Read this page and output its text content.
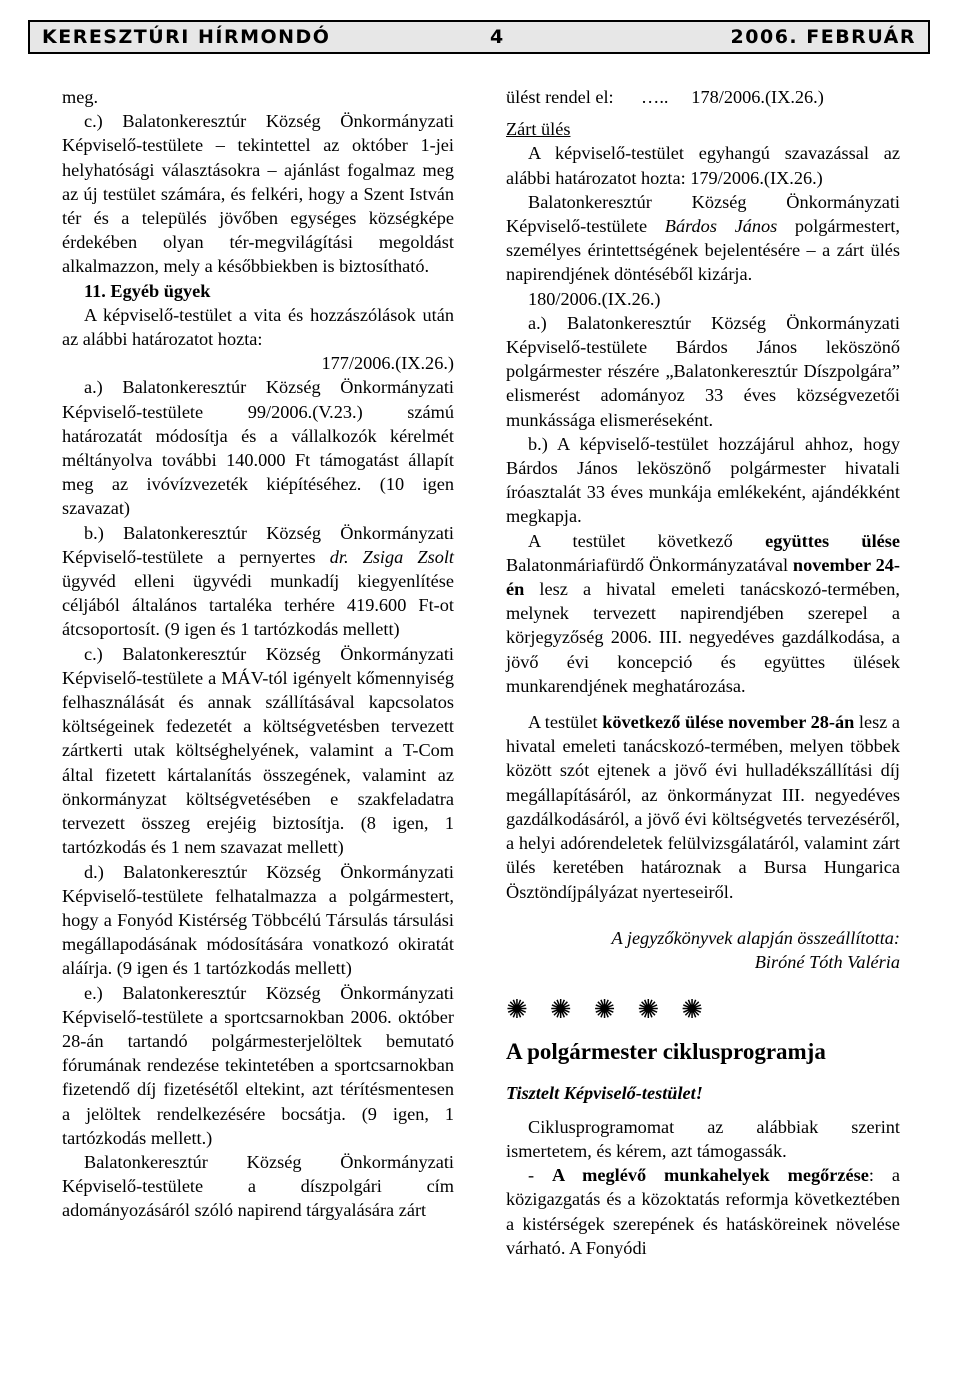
KERESZTÚRI HÍRMONDÓ	4	2006. FEBRUÁR

meg.

c.) Balatonkeresztúr Község Önkormányzati Képviselő-testülete – tekintettel az október 1-jei helyhatósági választásokra – ajánlást fogalmaz meg az új testület számára, és felkéri, hogy a Szent István tér és a település jövőben egységes községképe érdekében olyan tér-megvilágítási megoldást alkalmazzon, mely a későbbiekben is biztosítható.

11. Egyéb ügyek

A képviselő-testület a vita és hozzászólások után az alábbi határozatot hozta:

177/2006.(IX.26.)

a.) Balatonkeresztúr Község Önkormányzati Képviselő-testülete 99/2006.(V.23.) számú határozatát módosítja és a vállalkozók kérelmét méltányolva további 140.000 Ft támogatást állapít meg az ivóvízvezeték kiépítéséhez. (10 igen szavazat)

b.) Balatonkeresztúr Község Önkormányzati Képviselő-testülete a pernyertes dr. Zsiga Zsolt ügyvéd elleni ügyvédi munkadíj kiegyenlítése céljából általános tartaléka terhére 419.600 Ft-ot átcsoportosít. (9 igen és 1 tartózkodás mellett)

c.) Balatonkeresztúr Község Önkormányzati Képviselő-testülete a MÁV-tól igényelt kőmennyiség felhasználását és annak szállításával kapcsolatos költségeinek fedezetét a költségvetésben tervezett zártkerti utak költséghelyének, valamint a T-Com által fizetett kártalanítás összegének, valamint az önkormányzat költségvetésében e szakfeladatra tervezett összeg erejéig biztosítja. (8 igen, 1 tartózkodás és 1 nem szavazat mellett)

d.) Balatonkeresztúr Község Önkormányzati Képviselő-testülete felhatalmazza a polgármestert, hogy a Fonyód Kistérség Többcélú Társulás társulási megállapodásának módosítására vonatkozó okiratát aláírja. (9 igen és 1 tartózkodás mellett)

e.) Balatonkeresztúr Község Önkormányzati Képviselő-testülete a sportcsarnokban 2006. október 28-án tartandó polgármesterjelöltek bemutató fórumának rendezése tekintetében a sportcsarnokban fizetendő díj fizetésétől eltekint, azt térítésmentesen a jelöltek rendelkezésére bocsátja. (9 igen, 1 tartózkodás mellett.)

Balatonkeresztúr Község Önkormányzati Képviselő-testülete a díszpolgári cím adományozásáról szóló napirend tárgyalására zárt

ülést rendel el:      …..     178/2006.(IX.26.)

Zárt ülés

A képviselő-testület egyhangú szavazással az alábbi határozatot hozta: 179/2006.(IX.26.)

Balatonkeresztúr Község Önkormányzati Képviselő-testülete Bárdos János polgármestert, személyes érintettségének bejelentésére – a zárt ülés napirendjének döntéséből kizárja.

180/2006.(IX.26.)

a.) Balatonkeresztúr Község Önkormányzati Képviselő-testülete Bárdos János leköszönő polgármester részére „Balatonkeresztúr Díszpolgára” elismerést adományoz 33 éves községvezetői munkássága elismeréseként.

b.) A képviselő-testület hozzájárul ahhoz, hogy Bárdos János leköszönő polgármester hivatali íróasztalát 33 éves munkája emlékeként, ajándékként megkapja.

A testület következő együttes ülése Balatonmáriafürdő Önkormányzatával november 24-én lesz a hivatal emeleti tanácskozó-termében, melynek tervezett napirendjében szerepel a körjegyzőség 2006. III. negyedéves gazdálkodása, a jövő évi koncepció és együttes ülések munkarendjének meghatározása.

A testület következő ülése november 28-án lesz a hivatal emeleti tanácskozó-termében, melyen többek között szót ejtenek a jövő évi hulladékszállítási díj megállapításáról, az önkormányzat III. negyedéves gazdálkodásáról, a jövő évi költségvetés tervezéséről, a helyi adórendeletek felülvizsgálatáról, valamint zárt ülés keretében határoznak a Bursa Hungarica Ösztöndíjpályázat nyerteseiről.

A jegyzőkönyvek alapján összeállította:

Biróné Tóth Valéria

✺✺✺✺✺

A polgármester ciklusprogramja

Tisztelt Képviselő-testület!

Ciklusprogramomat az alábbiak szerint ismertetem, és kérem, azt támogassák.

- A meglévő munkahelyek megőrzése: a közigazgatás és a közoktatás reformja következtében a kistérségek szerepének és hatásköreinek növelése várható. A Fonyódi
